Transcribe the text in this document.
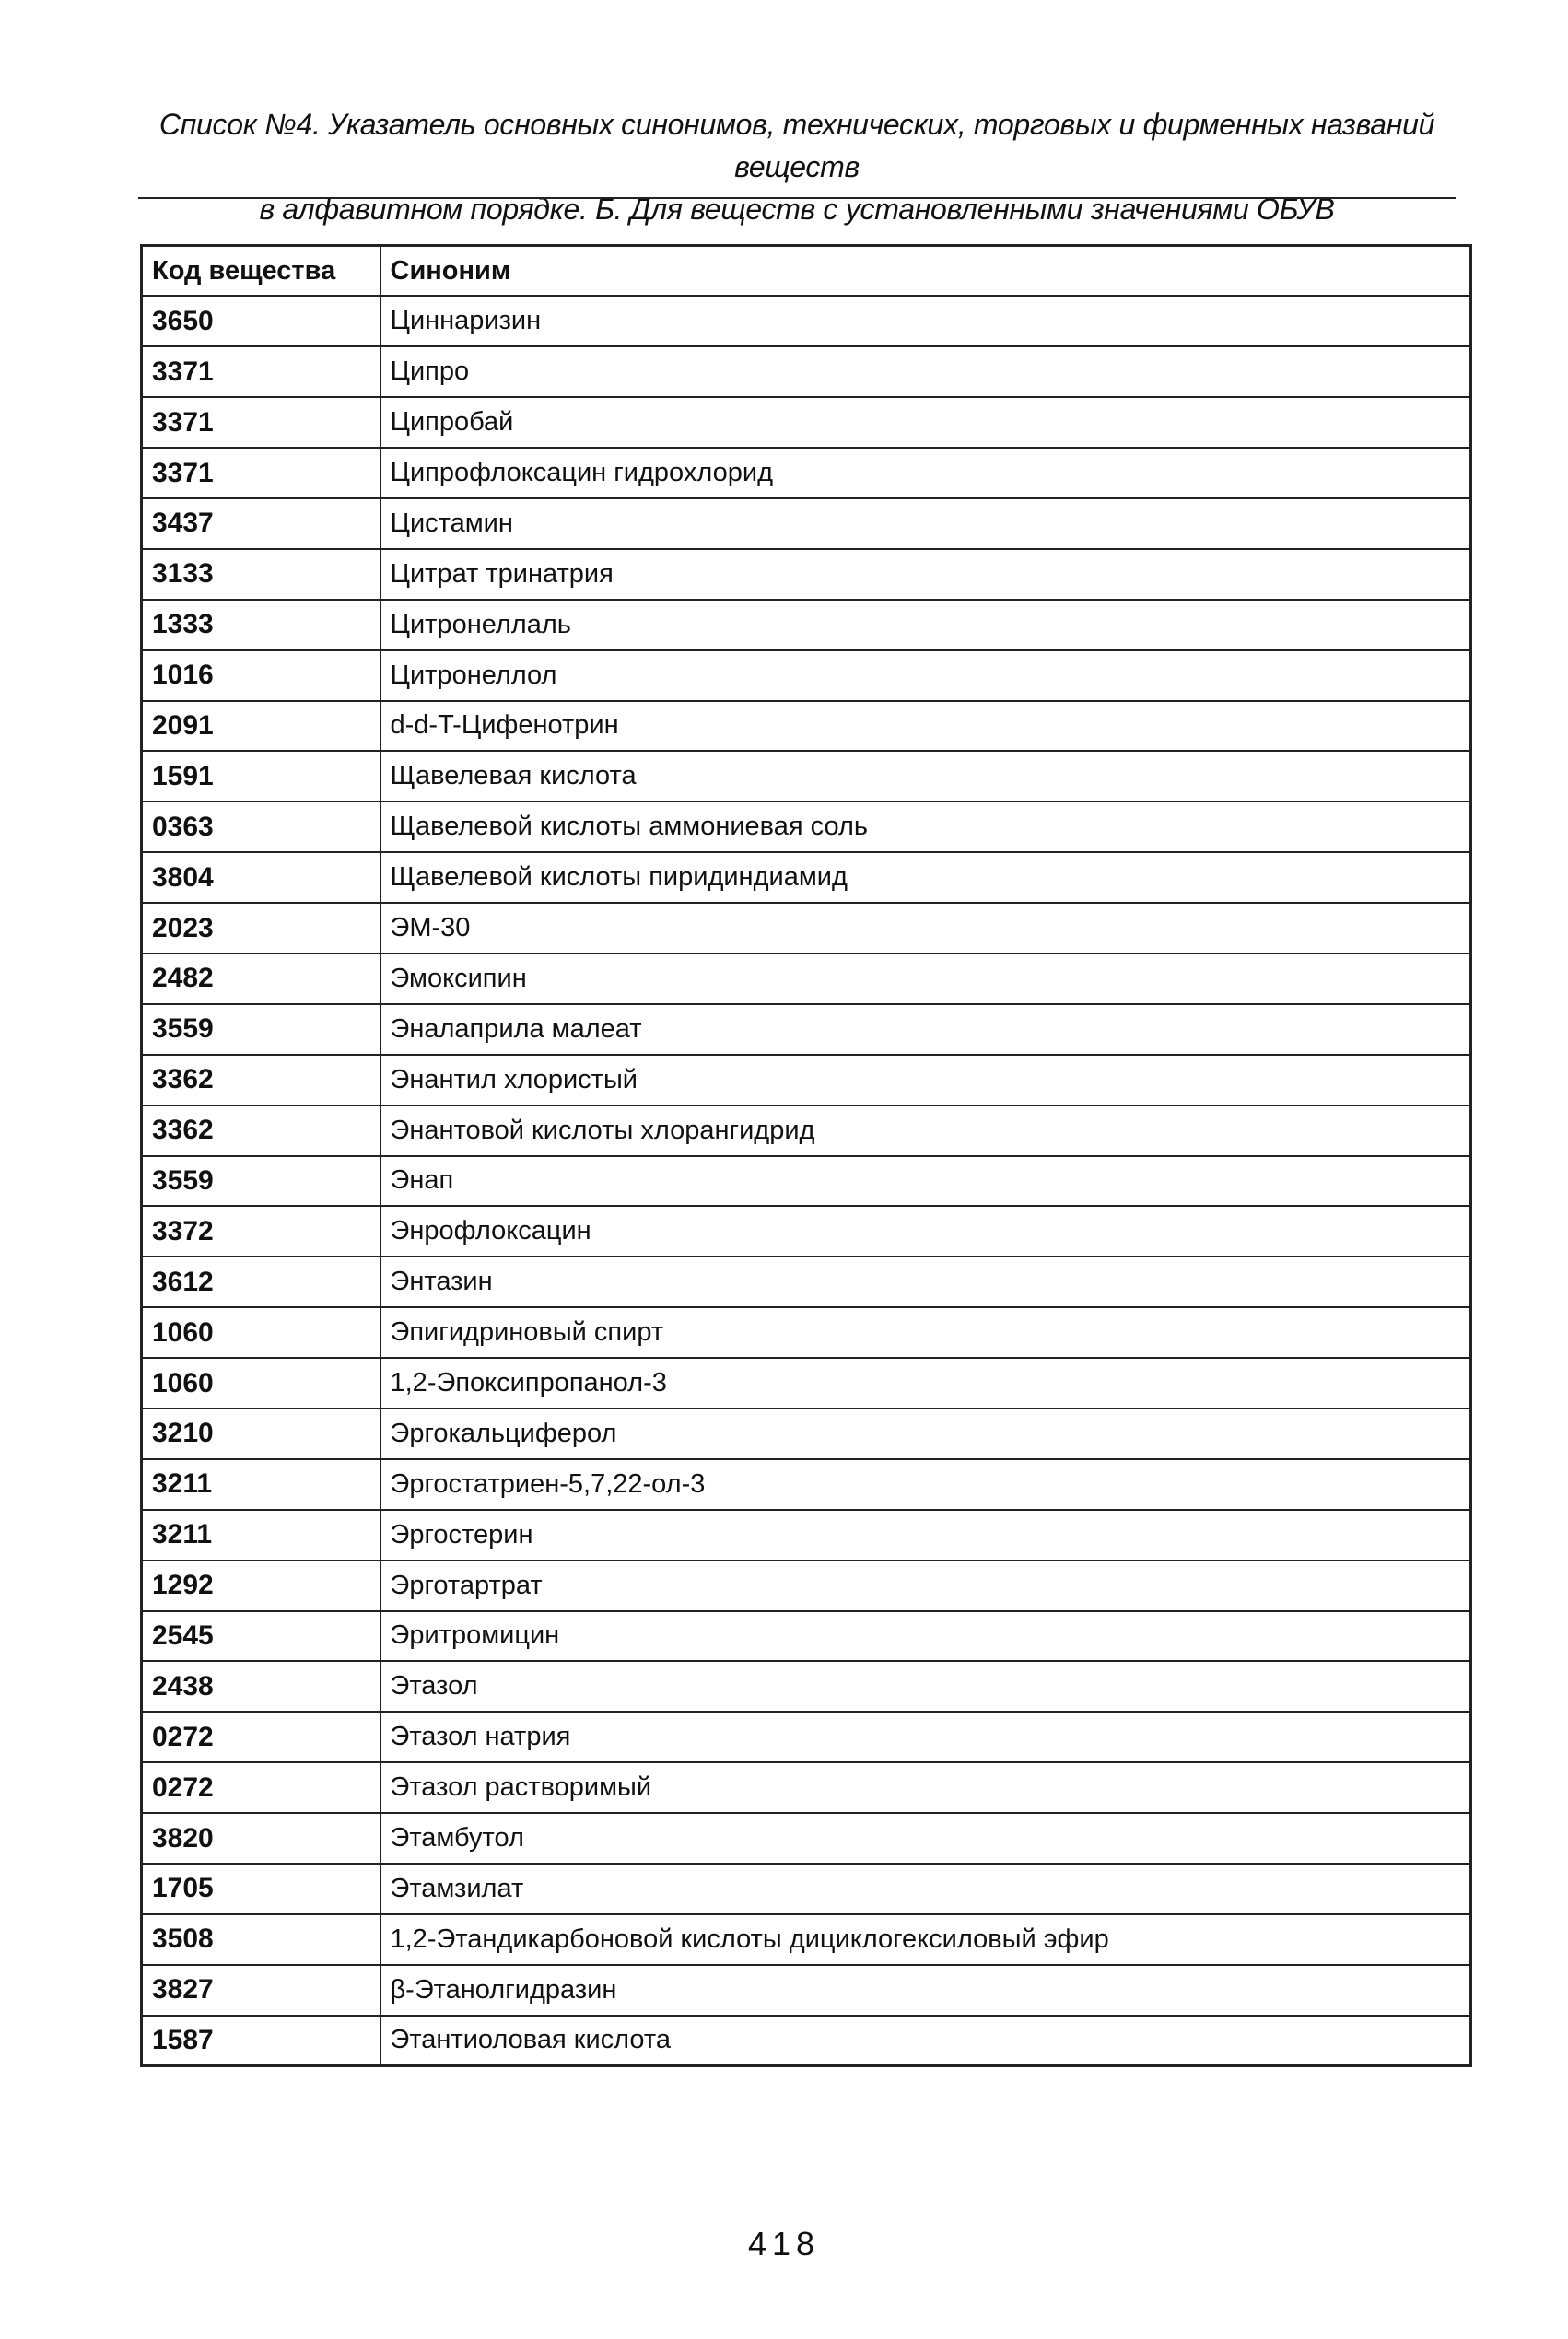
Список №4. Указатель основных синонимов, технических, торговых и фирменных названий веществ
в алфавитном порядке. Б. Для веществ с установленными значениями ОБУВ
Код вещества	Синоним
3650	Циннаризин
3371	Ципро
3371	Ципробай
3371	Ципрофлоксацин гидрохлорид
3437	Цистамин
3133	Цитрат тринатрия
1333	Цитронеллаль
1016	Цитронеллол
2091	d-d-T-Цифенотрин
1591	Щавелевая кислота
0363	Щавелевой кислоты аммониевая соль
3804	Щавелевой кислоты пиридиндиамид
2023	ЭМ-30
2482	Эмоксипин
3559	Эналаприла малеат
3362	Энантил хлористый
3362	Энантовой кислоты хлорангидрид
3559	Энап
3372	Энрофлоксацин
3612	Энтазин
1060	Эпигидриновый спирт
1060	1,2-Эпоксипропанол-3
3210	Эргокальциферол
3211	Эргостатриен-5,7,22-ол-3
3211	Эргостерин
1292	Эрготартрат
2545	Эритромицин
2438	Этазол
0272	Этазол натрия
0272	Этазол растворимый
3820	Этамбутол
1705	Этамзилат
3508	1,2-Этандикарбоновой кислоты дициклогексиловый эфир
3827	β-Этанолгидразин
1587	Этантиоловая кислота
418
